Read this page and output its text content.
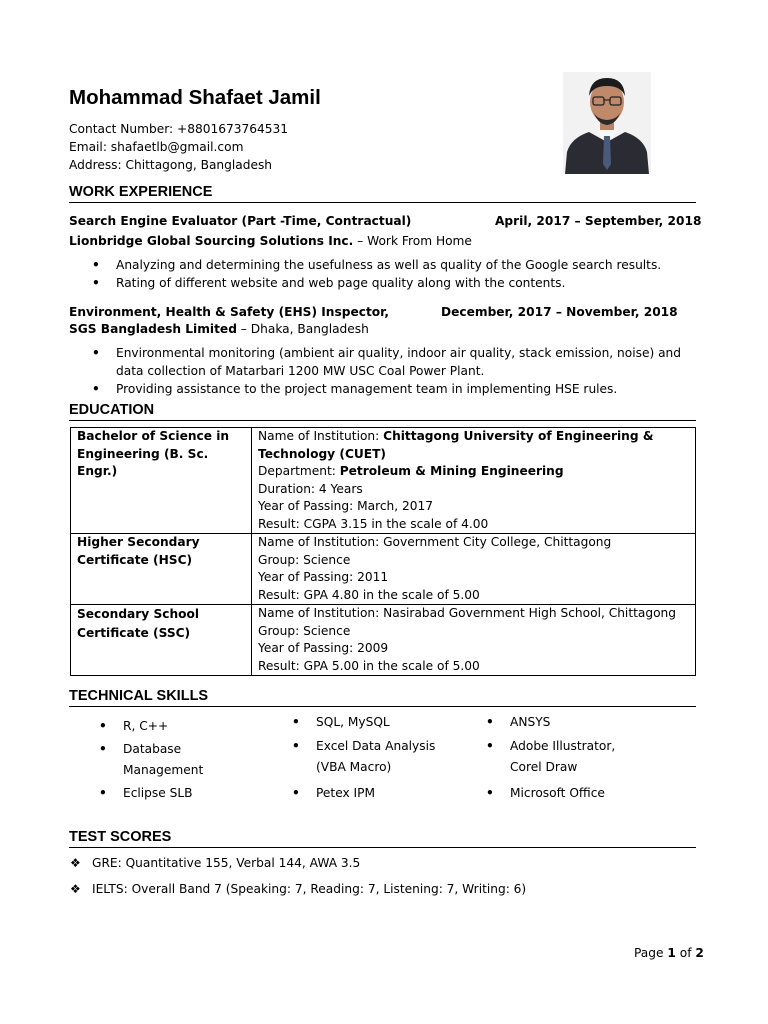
Mohammad Shafaet Jamil
Contact Number: +8801673764531
Email: shafaetlb@gmail.com
Address: Chittagong, Bangladesh
WORK EXPERIENCE
Search Engine Evaluator (Part -Time, Contractual)	April, 2017 – September, 2018
Lionbridge Global Sourcing Solutions Inc. – Work From Home
• Analyzing and determining the usefulness as well as quality of the Google search results.
• Rating of different website and web page quality along with the contents.
Environment, Health & Safety (EHS) Inspector,	December, 2017 – November, 2018
SGS Bangladesh Limited – Dhaka, Bangladesh
• Environmental monitoring (ambient air quality, indoor air quality, stack emission, noise) and data collection of Matarbari 1200 MW USC Coal Power Plant.
• Providing assistance to the project management team in implementing HSE rules.
EDUCATION
Bachelor of Science in Engineering (B. Sc. Engr.)	Name of Institution: Chittagong University of Engineering & Technology (CUET)
Department: Petroleum & Mining Engineering
Duration: 4 Years
Year of Passing: March, 2017
Result: CGPA 3.15 in the scale of 4.00

Higher Secondary Certificate (HSC)	Name of Institution: Government City College, Chittagong
Group: Science
Year of Passing: 2011
Result: GPA 4.80 in the scale of 5.00

Secondary School Certificate (SSC)	Name of Institution: Nasirabad Government High School, Chittagong
Group: Science
Year of Passing: 2009
Result: GPA 5.00 in the scale of 5.00
TECHNICAL SKILLS
• R, C++
• Database Management
• Eclipse SLB
• SQL, MySQL
• Excel Data Analysis (VBA Macro)
• Petex IPM
• ANSYS
• Adobe Illustrator, Corel Draw
• Microsoft Office
TEST SCORES
❖ GRE: Quantitative 155, Verbal 144, AWA 3.5
❖ IELTS: Overall Band 7 (Speaking: 7, Reading: 7, Listening: 7, Writing: 6)
Page 1 of 2
